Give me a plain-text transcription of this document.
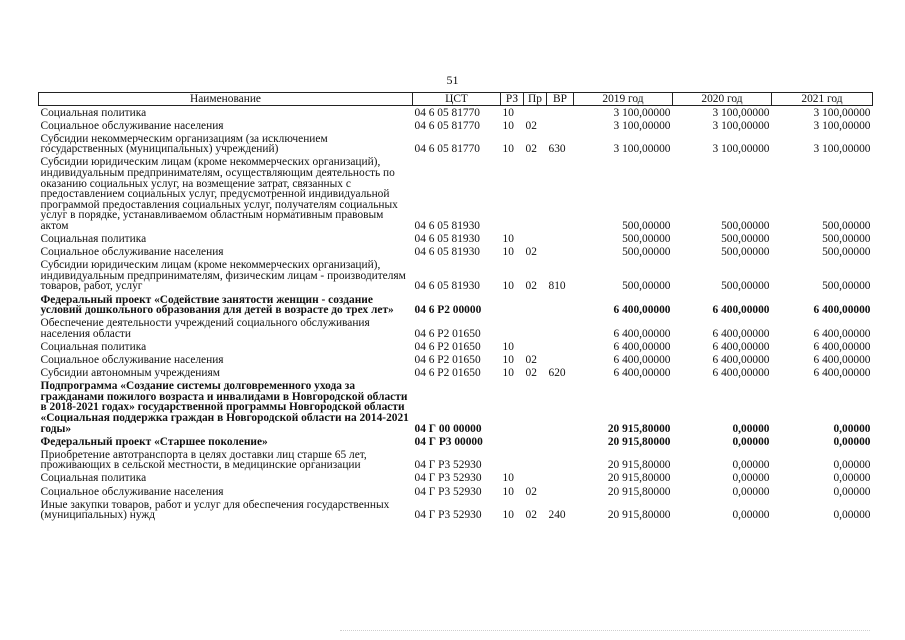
51
Наименование	ЦСТ	РЗ	Пр	ВР	2019 год	2020 год	2021 год
Социальная политика	04 6 05 81770	10			3 100,00000	3 100,00000	3 100,00000
Социальное обслуживание населения	04 6 05 81770	10	02		3 100,00000	3 100,00000	3 100,00000
Субсидии некоммерческим организациям (за исключением государственных (муниципальных) учреждений)	04 6 05 81770	10	02	630	3 100,00000	3 100,00000	3 100,00000
Субсидии юридическим лицам (кроме некоммерческих организаций), индивидуальным предпринимателям, осуществляющим деятельность по оказанию социальных услуг, на возмещение затрат, связанных с предоставлением социальных услуг, предусмотренной индивидуальной программой предоставления социальных услуг, получателям социальных услуг в порядке, устанавливаемом областным нормативным правовым актом	04 6 05 81930				500,00000	500,00000	500,00000
Социальная политика	04 6 05 81930	10			500,00000	500,00000	500,00000
Социальное обслуживание населения	04 6 05 81930	10	02		500,00000	500,00000	500,00000
Субсидии юридическим лицам (кроме некоммерческих организаций), индивидуальным предпринимателям, физическим лицам - производителям товаров, работ, услуг	04 6 05 81930	10	02	810	500,00000	500,00000	500,00000
Федеральный проект «Содействие занятости женщин - создание условий дошкольного образования для детей в возрасте до трех лет»	04 6 Р2 00000				6 400,00000	6 400,00000	6 400,00000
Обеспечение деятельности учреждений социального обслуживания населения области	04 6 Р2 01650				6 400,00000	6 400,00000	6 400,00000
Социальная политика	04 6 Р2 01650	10			6 400,00000	6 400,00000	6 400,00000
Социальное обслуживание населения	04 6 Р2 01650	10	02		6 400,00000	6 400,00000	6 400,00000
Субсидии автономным учреждениям	04 6 Р2 01650	10	02	620	6 400,00000	6 400,00000	6 400,00000
Подпрограмма «Создание системы долговременного ухода за гражданами пожилого возраста и инвалидами в Новгородской области в 2018-2021 годах» государственной программы Новгородской области «Социальная поддержка граждан в Новгородской области на 2014-2021 годы»	04 Г 00 00000				20 915,80000	0,00000	0,00000
Федеральный проект «Старшее поколение»	04 Г Р3 00000				20 915,80000	0,00000	0,00000
Приобретение автотранспорта в целях доставки лиц старше 65 лет, проживающих в сельской местности, в медицинские организации	04 Г Р3 52930				20 915,80000	0,00000	0,00000
Социальная политика	04 Г Р3 52930	10			20 915,80000	0,00000	0,00000
Социальное обслуживание населения	04 Г Р3 52930	10	02		20 915,80000	0,00000	0,00000
Иные закупки товаров, работ и услуг для обеспечения государственных (муниципальных) нужд	04 Г Р3 52930	10	02	240	20 915,80000	0,00000	0,00000
